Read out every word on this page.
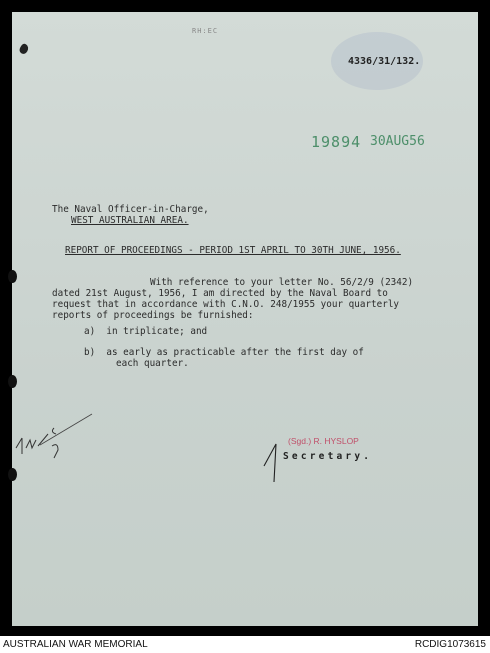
RH:EC
4336/31/132.
19894 30AUG56
The Naval Officer-in-Charge,
WEST AUSTRALIAN AREA.
REPORT OF PROCEEDINGS - PERIOD 1ST APRIL TO 30TH JUNE, 1956.
With reference to your letter No. 56/2/9 (2342)
dated 21st August, 1956, I am directed by the Naval Board to
request that in accordance with C.N.O. 248/1955 your quarterly
reports of proceedings be furnished:
a)  in triplicate; and
b)  as early as practicable after the first day of
each quarter.
(Sgd.) R. HYSLOP
Secretary.
AUSTRALIAN WAR MEMORIAL	RCDIG1073615
